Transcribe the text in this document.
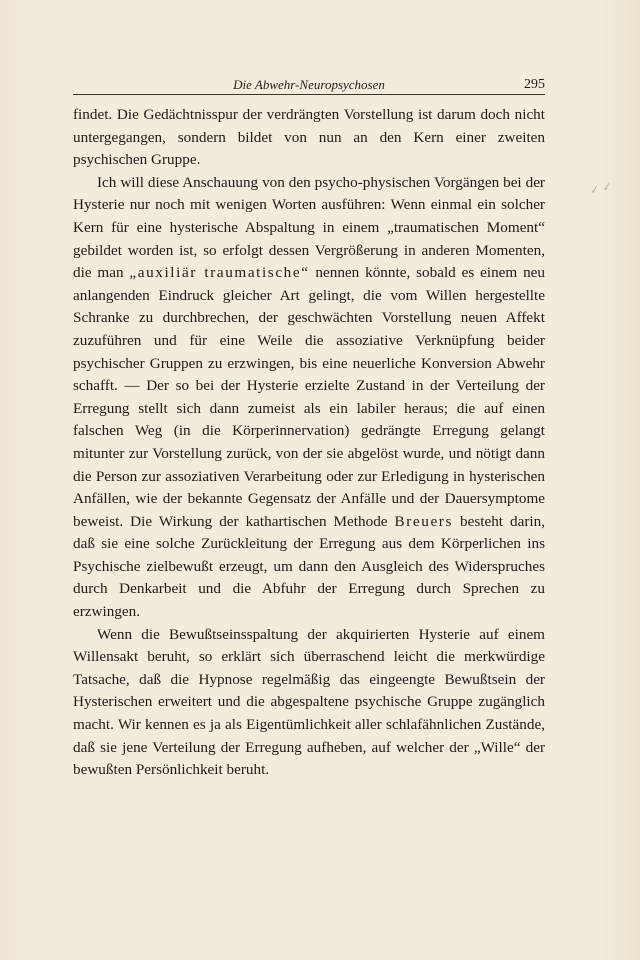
Die Abwehr-Neuropsychosen	295
✓ ✓

findet. Die Gedächtnisspur der verdrängten Vorstellung ist darum doch nicht untergegangen, sondern bildet von nun an den Kern einer zweiten psychischen Gruppe.

Ich will diese Anschauung von den psycho-physischen Vorgängen bei der Hysterie nur noch mit wenigen Worten ausführen: Wenn einmal ein solcher Kern für eine hysterische Abspaltung in einem „traumatischen Moment“ gebildet worden ist, so erfolgt dessen Vergrößerung in anderen Momenten, die man „auxiliär traumatische“ nennen könnte, sobald es einem neu anlangenden Eindruck gleicher Art gelingt, die vom Willen hergestellte Schranke zu durchbrechen, der geschwächten Vorstellung neuen Affekt zuzuführen und für eine Weile die assoziative Verknüpfung beider psychischer Gruppen zu erzwingen, bis eine neuerliche Konversion Abwehr schafft. — Der so bei der Hysterie erzielte Zustand in der Verteilung der Erregung stellt sich dann zumeist als ein labiler heraus; die auf einen falschen Weg (in die Körperinnervation) gedrängte Erregung gelangt mitunter zur Vorstellung zurück, von der sie abgelöst wurde, und nötigt dann die Person zur assoziativen Verarbeitung oder zur Erledigung in hysterischen Anfällen, wie der bekannte Gegensatz der Anfälle und der Dauersymptome beweist. Die Wirkung der kathartischen Methode Breuers besteht darin, daß sie eine solche Zurückleitung der Erregung aus dem Körperlichen ins Psychische zielbewußt erzeugt, um dann den Ausgleich des Widerspruches durch Denkarbeit und die Abfuhr der Erregung durch Sprechen zu erzwingen.

Wenn die Bewußtseinsspaltung der akquirierten Hysterie auf einem Willensakt beruht, so erklärt sich überraschend leicht die merkwürdige Tatsache, daß die Hypnose regelmäßig das eingeengte Bewußtsein der Hysterischen erweitert und die abgespaltene psychische Gruppe zugänglich macht. Wir kennen es ja als Eigentümlichkeit aller schlafähnlichen Zustände, daß sie jene Verteilung der Erregung aufheben, auf welcher der „Wille“ der bewußten Persönlichkeit beruht.
